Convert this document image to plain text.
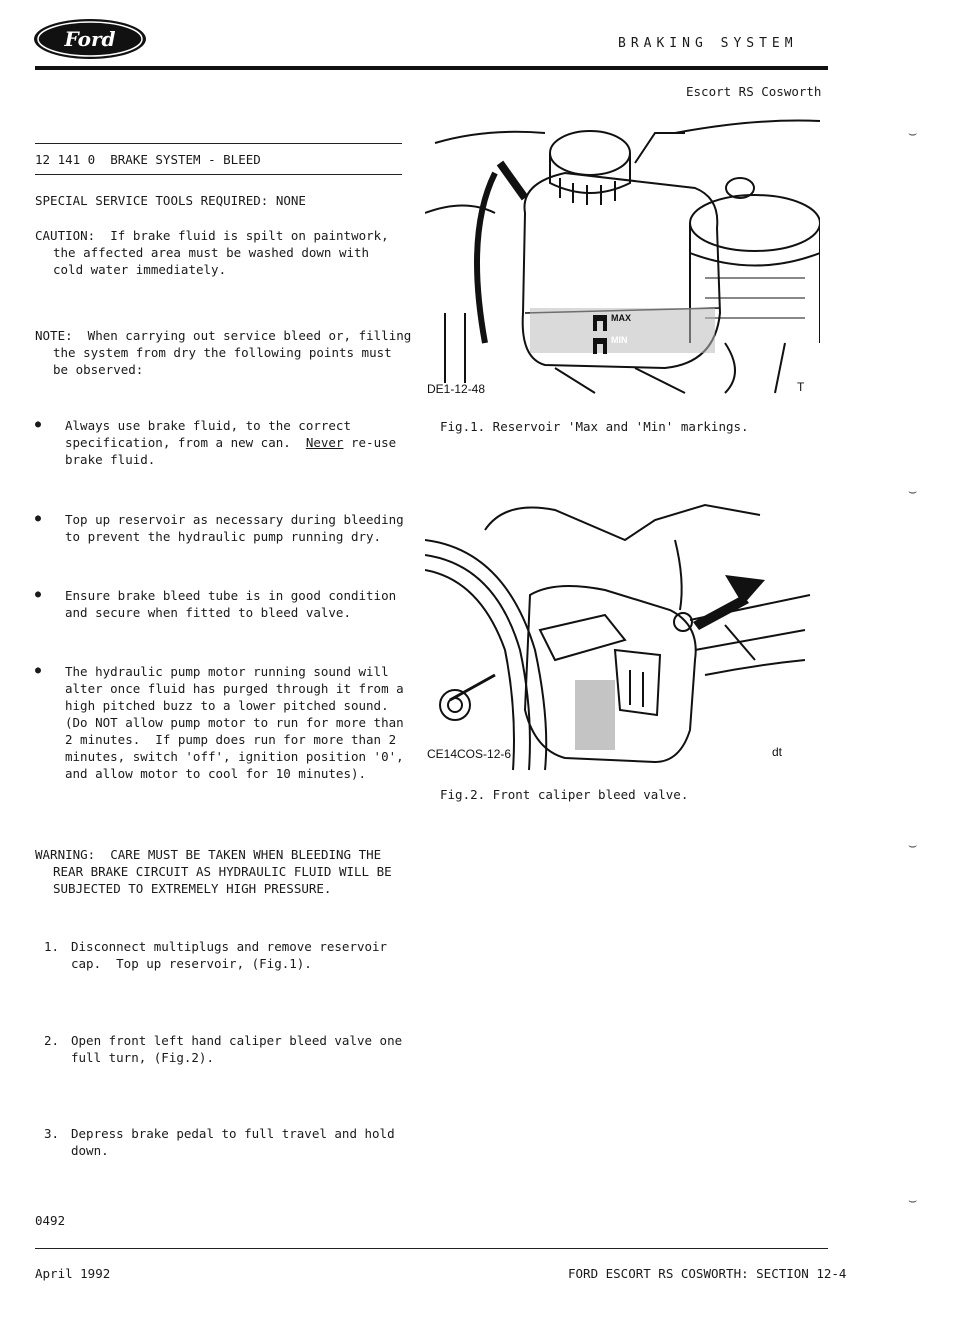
Ford	BRAKING SYSTEM
Escort RS Cosworth
⌣
⌣
⌣
⌣
12 141 0  BRAKE SYSTEM - BLEED
SPECIAL SERVICE TOOLS REQUIRED: NONE
CAUTION:  If brake fluid is spilt on paintwork,
the affected area must be washed down with
cold water immediately.
NOTE:  When carrying out service bleed or, filling
the system from dry the following points must
be observed:
● Always use brake fluid, to the correct
specification, from a new can.  Never re-use
brake fluid.
● Top up reservoir as necessary during bleeding
to prevent the hydraulic pump running dry.
● Ensure brake bleed tube is in good condition
and secure when fitted to bleed valve.
● The hydraulic pump motor running sound will
alter once fluid has purged through it from a
high pitched buzz to a lower pitched sound.
(Do NOT allow pump motor to run for more than
2 minutes.  If pump does run for more than 2
minutes, switch 'off', ignition position '0',
and allow motor to cool for 10 minutes).
WARNING:  CARE MUST BE TAKEN WHEN BLEEDING THE
REAR BRAKE CIRCUIT AS HYDRAULIC FLUID WILL BE
SUBJECTED TO EXTREMELY HIGH PRESSURE.
1. Disconnect multiplugs and remove reservoir
cap.  Top up reservoir, (Fig.1).
2. Open front left hand caliper bleed valve one
full turn, (Fig.2).
3. Depress brake pedal to full travel and hold
down.
0492
MAX
MIN
DE1-12-48	T
Fig.1. Reservoir 'Max and 'Min' markings.
CE14COS-12-6	dt
Fig.2. Front caliper bleed valve.
April 1992	FORD ESCORT RS COSWORTH: SECTION 12-4
